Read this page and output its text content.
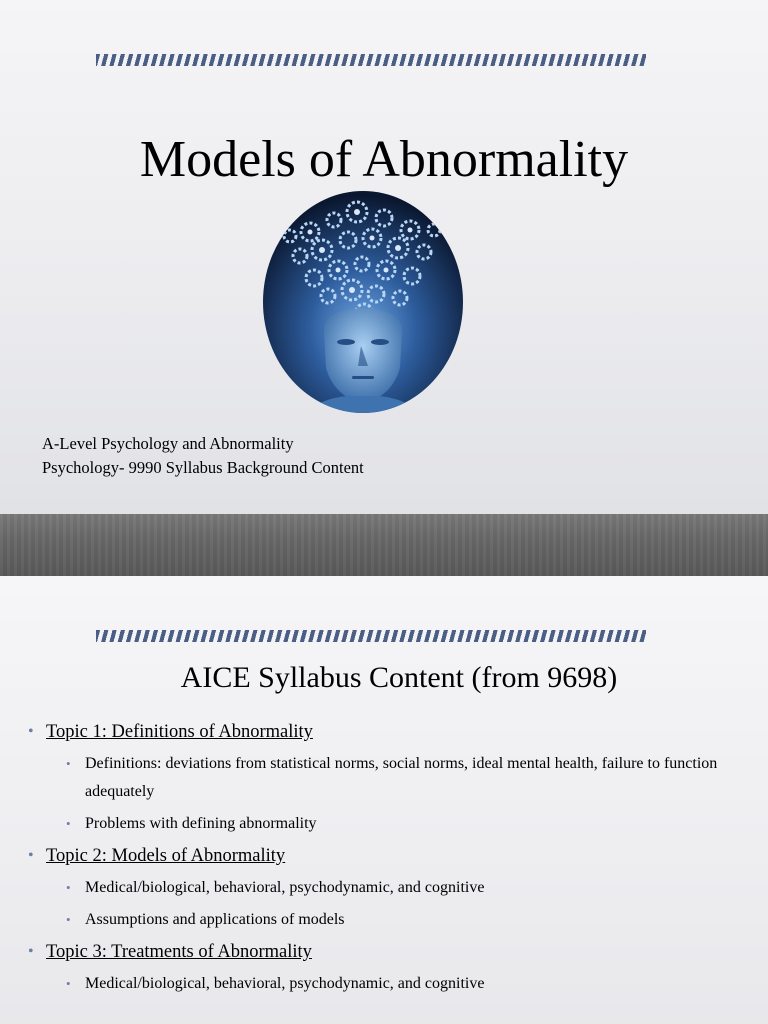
Models of Abnormality
A-Level Psychology and Abnormality
Psychology- 9990 Syllabus Background Content
AICE Syllabus Content (from 9698)
• Topic 1: Definitions of Abnormality
• Definitions: deviations from statistical norms, social norms, ideal mental health, failure to function adequately
• Problems with defining abnormality
• Topic 2: Models of Abnormality
• Medical/biological, behavioral, psychodynamic, and cognitive
• Assumptions and applications of models
• Topic 3: Treatments of Abnormality
• Medical/biological, behavioral, psychodynamic, and cognitive
